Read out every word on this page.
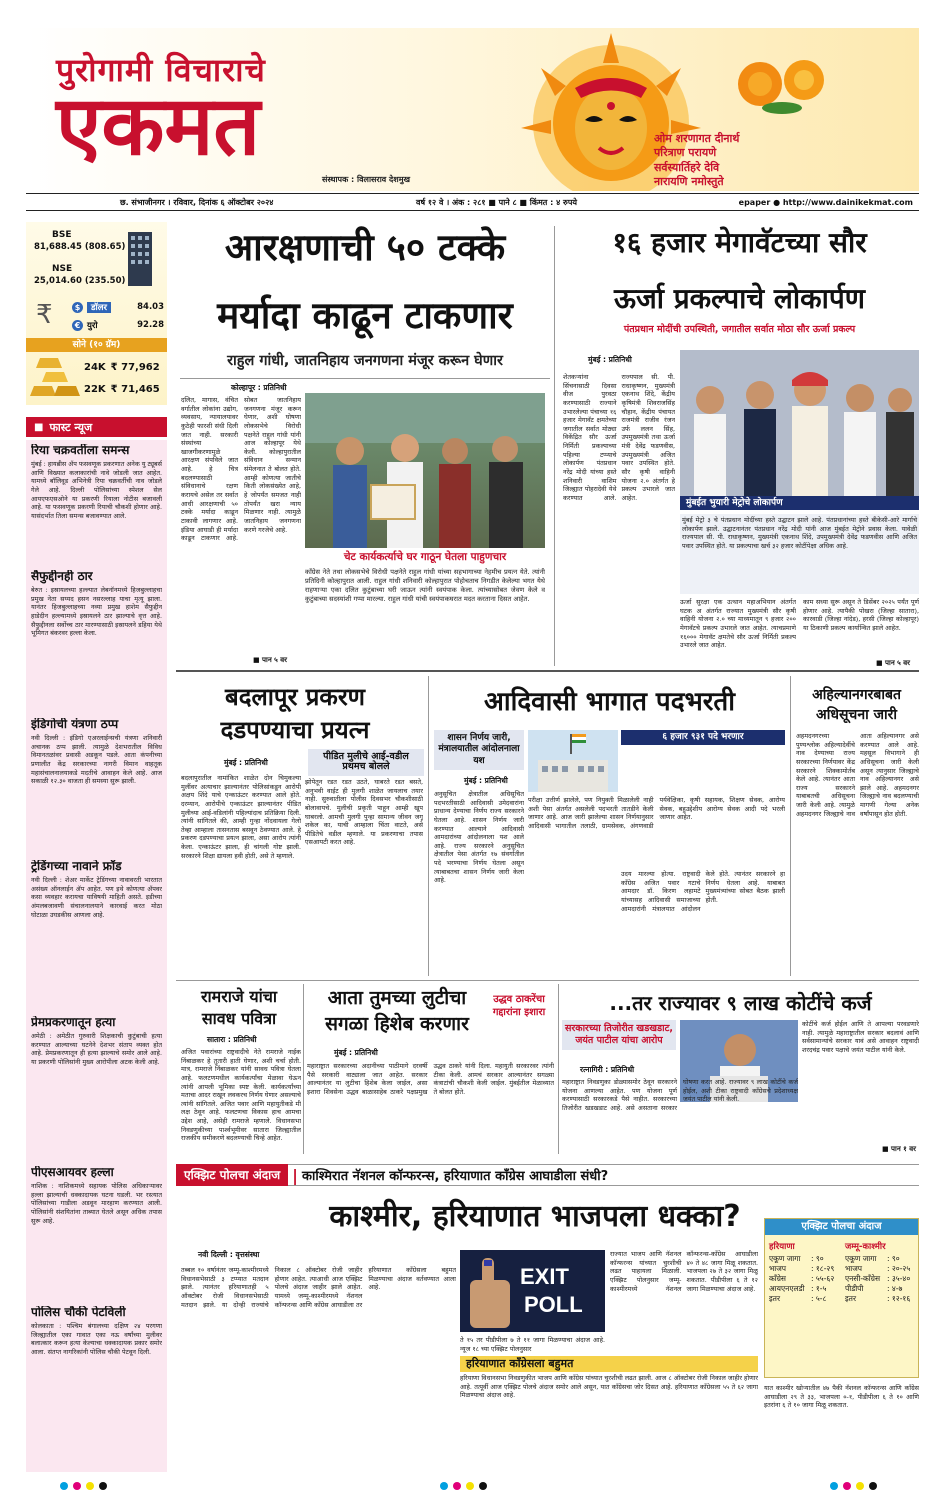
पुरोगामी विचाराचे
एकमत
संस्थापक : विलासराव देशमुख
ओम शरणागत दीनार्थ
परित्राण परायणे
सर्वस्यार्तिहरे देवि
नारायणि नमोस्तुते
छ. संभाजीनगर । रविवार, दिनांक ६ ऑक्टोबर २०२४	वर्ष १२ वे । अंक : २८१ ■ पाने ८ ■ किंमत : ४ रुपये	epaper ● http://www.dainikekmat.com
BSE
81,688.45 (808.65)
NSE
25,014.60 (235.50)
₹	$	डॉलर	84.03
€ युरो	92.28
सोने (१० ग्रॅम)
24K ₹ 77,962
22K ₹ 71,465
■ फास्ट न्यूज
रिया चक्रवर्तीला समन्स
मुंबई : हायब्रीस ॲप फसवणूक प्रकरणात अनेक यु ट्यूबर्स आणि विख्यात कलाकारांची नावे जोडली जात आहेत. यामध्ये बॉलिवूड अभिनेत्री रिया चक्रवर्तीची नाव जोडले गेले आहे. दिल्ली पोलिसांच्या स्पेशल सेल आयएफएसओने या प्रकरणी रियाला नोटीस बजावली आहे. या फसवणूक प्रकरणी रियाची चौकशी होणार आहे. यासंदर्भात तिला समन्स बजावण्यात आले.
सैफुद्दीनही ठार
बेरुत : इस्रायलच्या हल्ल्यात लेबनॉनमध्ये हिजबुल्लाहचा प्रमुख नेता सय्यद हसन नसरल्लाह याचा मृत्यू झाला. यानंतर हिजबुल्लाहच्या नव्या प्रमुख हाशेम सैफुद्दीन हाडेदीन हल्ल्यामध्ये इस्रायलने ठार झाल्याचे वृत्त आहे. सैफुद्दीनला सर्वोच्च ठार मारण्यासाठी इस्रायलने डहिया येथे भूमिगत बंकरवर हल्ला केला.
इंडिगोची यंत्रणा ठप्प
नवी दिल्ली : इंडिगो एअरलाईन्सची यंत्रणा शनिवारी अचानक ठप्प झाली. त्यामुळे देशभरातील विविध विमानतळांवर प्रवासी अडकून पडले. आता कंपनीच्या प्रणालीत केंद्र सरकारच्या नागरी विमान वाहतूक महासंचालनालयाकडे मदतीचे आवाहन केले आहे. आज सकाळी १२.३० वाजता ही समस्या सुरू झाली.
ट्रेडिंगच्या नावाने फ्रॉड
नवी दिल्ली : शेअर मार्केट ट्रेडिंगच्या नावावरती भारतात असंख्य ऑनलाईन ॲप आहेत. पण इथे कोणत्या ॲपवर कसा व्यवहार करायचा याविषयी माहिती असते. इडीच्या अंमलबजावणी संचालनालयाने कारवाई करत मोठा घोटाळा उघडकीस आणला आहे.
प्रेमप्रकरणातून हत्या
अमेठी : अमेठीत गुरुवारी शिक्षकाची कुटुंबाची हत्या करण्यात आल्याच्या घटनेने देशभर संताप व्यक्त होत आहे. प्रेमप्रकरणातून ही हत्या झाल्याचे समोर आले आहे. या प्रकरणी पोलिसांनी मुख्य आरोपीला अटक केली आहे.
पीएसआयवर हल्ला
नाशिक : नाशिकमध्ये सहायक पोलिस अधिकाऱ्यावर हल्ला झाल्याची धक्कादायक घटना घडली. भर रस्त्यात पोलिसांच्या गाडीला अडवून मारहाण करण्यात आली. पोलिसांनी संशयितांना ताब्यात घेतले असून अधिक तपास सुरू आहे.
पोलिस चौकी पेटविली
कोलकाता : पश्चिम बंगालच्या दक्षिण २४ परगणा जिल्ह्यातील एका गावात एका नऊ वर्षांच्या मुलीवर बलात्कार करून हत्या केल्याचा धक्कादायक प्रकार समोर आला. संतप्त नागरिकांनी पोलिस चौकी पेटवून दिली.
आरक्षणाची ५० टक्के
मर्यादा काढून टाकणार
राहुल गांधी, जातनिहाय जनगणना मंजूर करून घेणार
कोल्हापूर : प्रतिनिधी
दलित, मागास, वंचित वर्गातील लोकांना उद्योग, व्यवसाय, न्यायालयावर कुठेही फारशी संधी दिली जात नाही. सरकारी संस्थांच्या खाजगीकरणामुळे आरक्षण संपविले जात आहे. हे चित्र बदलण्यासाठी संविधानाचे रक्षण करायचे असेल तर सर्वात आधी आरक्षणाची ५० टक्के मर्यादा काढून टाकावी लागणार आहे. इंडिया आघाडी ही मर्यादा काढून टाकणार आहे. सोबत जातनिहाय जनगणना मंजूर करून घेणार, अशी घोषणा लोकसभेचे विरोधी पक्षनेते राहुल गांधी यांनी आज कोल्हापूर येथे केली. कोल्हापुरातील संविधान सन्मान संमेलनात ते बोलत होते. आम्ही कोणत्या जातीचे किती लोकसंख्येत आहे, हे जोपर्यंत समजत नाही तोपर्यंत खरा न्याय मिळणार नाही. त्यामुळे जातनिहाय जनगणना करणे गरजेचे आहे.
■ पान ५ वर
चेट कार्यकर्त्याचे घर गाठून घेतला पाहुणचार
काँग्रेस नेते तथा लोकसभेचे विरोधी पक्षनेते राहुल गांधी यांच्या सहभागाच्या नेहमीच प्रयत्न येते. त्यांनी प्रतिदिनी कोल्हापुरात आली. राहुल गांधी शनिवारी कोल्हापुरात पोहोचताच निगडीत केलेल्या भगत येथे राहणाऱ्या एका दलित कुटुंबाच्या घरी जाऊन त्यांनी स्वयंपाक केला. त्यांच्यासोबत जेवण केले व कुटुंबाच्या सदस्यांशी गप्पा मारल्या. राहुल गांधी यांची स्वयंपाकघरात मदत करताना दिसत आहेत.
१६ हजार मेगावॅटच्या सौर
ऊर्जा प्रकल्पाचे लोकार्पण
पंतप्रधान मोदींची उपस्थिती, जगातील सर्वात मोठा सौर ऊर्जा प्रकल्प
मुंबई : प्रतिनिधी
शेतकऱ्यांना सिंचनासाठी दिवसा वीज पुरवठा करण्यासाठी राज्याने उभारलेल्या पंचाच्या १६ हजार मेगावॅट क्षमतेच्या जगातील सर्वात मोठ्या विकेंद्रित सौर ऊर्जा निर्मिती प्रकल्पाच्या पहिल्या टप्प्याचे लोकार्पण पंतप्रधान नरेंद्र मोदी यांच्या हस्ते शनिवारी वाशिम जिल्ह्यात पोहरादेवी येथे करण्यात आले. राज्यपाल सी. पी. राधाकृष्णन, मुख्यमंत्री एकनाथ शिंदे, केंद्रीय कृषिमंत्री शिवराजसिंह चौहान, केंद्रीय पंचायत राजमंत्री राजीव रंजन उर्फ ललन सिंह, उपमुख्यमंत्री तथा ऊर्जा मंत्री देवेंद्र फडणवीस, उपमुख्यमंत्री अजित पवार उपस्थित होते. सौर कृषी वाहिनी योजना २.० अंतर्गत हे प्रकल्प उभारले जात आहेत.
मुंबईत भुयारी मेट्रोचे लोकार्पण
मुंबई मेट्रो ३ चे पंतप्रधान मोदींच्या हस्ते उद्घाटन झाले आहे. पंतप्रधानांच्या हस्ते बीकेसी-आरे मार्गाचे लोकार्पण झाले. उद्घाटनानंतर पंतप्रधान नरेंद्र मोदी यांनी आज मुंबईत मेट्रोने प्रवास केला. यावेळी राज्यपाल सी. पी. राधाकृष्णन, मुख्यमंत्री एकनाथ शिंदे, उपमुख्यमंत्री देवेंद्र फडणवीस आणि अजित पवार उपस्थित होते. या प्रकल्पाचा खर्च ३२ हजार कोटींपेक्षा अधिक आहे.
ऊर्जा सुरक्षा एक उत्थान महाअभियान अंतर्गत घटक अ अंतर्गत राज्यात मुख्यमंत्री सौर कृषी वाहिनी योजना २.० च्या माध्यमातून ९ हजार २०० मेगावॅटचे प्रकल्प उभारले जात आहेत. त्याचप्रमाणे १६००० मेगावॅट क्षमतेचे सौर ऊर्जा निर्मिती प्रकल्प उभारले जात आहेत.
काम सध्या सुरू असून ते डिसेंबर २०२५ पर्यंत पूर्ण होणार आहे. त्यापैकी पोखरा (जिल्हा सातारा), कारवाडी (जिल्हा नांदेड), हरसी (जिल्हा कोल्हापूर) या ठिकाणी प्रकल्प कार्यान्वित झाले आहेत.
■ पान ५ वर
बदलापूर प्रकरण
दडपण्याचा प्रयत्न
मुंबई : प्रतिनिधी
पीडित मुलीचे आई-वडील प्रथमच बोलले
बदलापुरातील नामांकित शाळेत दोन चिमुकल्या मुलींवर अत्याचार झाल्यानंतर पोलिसांकडून आरोपी अक्षय शिंदे याचे एन्काऊंटर करण्यात आले होते. दरम्यान, आरोपीचे एन्काऊंटर झाल्यानंतर पीडित मुलीच्या आई-वडिलांनी पहिल्यांदाच प्रतिक्रिया दिली. त्यांनी सांगितले की, आम्ही गुन्हा नोंदवायला गेलो तेव्हा आम्हाला तासनतास बसवून ठेवण्यात आले. हे प्रकरण दडपण्याचा प्रयत्न झाला, असा आरोप त्यांनी केला. एन्काऊंटर झाला, ही चांगली गोष्ट झाली. सरकारने शिक्षा द्यायला हवी होती, असे ते म्हणाले.
झोपेतून रडत रडत उठते, घाबरते रडत बसते, अनुभवी वाईट ही मुलगी शाळेत जायलाच तयार नाही. सुरुवातीला पोलीस दिवसभर चौकशीसाठी बोलावायचे. मुलीची प्रकृती पाहून आम्ही खूप घाबरलो. आमची मुलगी पुन्हा सामान्य जीवन जगू शकेल का, याची आम्हाला चिंता वाटते, असे पीडितेचे वडील म्हणाले. या प्रकरणाचा तपास एसआयटी करत आहे.
आदिवासी भागात पदभरती
शासन निर्णय जारी, मंत्रालयातील आंदोलनाला यश
मुंबई : प्रतिनिधी
६ हजार ९३१ पदे भरणार
अनुसूचित क्षेत्रातील अधिसूचित पदभरतीसाठी आदिवासी उमेदवारांना प्राधान्य देण्याचा निर्णय राज्य सरकारने घेतला आहे. शासन निर्णय जारी करण्यात आल्याने आदिवासी आमदारांच्या आंदोलनाला यश आले आहे. राज्य सरकारने अनुसूचित क्षेत्रातील पेसा अंतर्गत १७ संवर्गातील पदे भरण्याचा निर्णय घेतला असून त्याबाबतचा शासन निर्णय जारी केला आहे.
परीक्षा उत्तीर्ण झालेले, पण नियुक्ती मिळालेली नाही अशी पेसा अंतर्गत असलेली पदभरती तातडीने केली जाणार आहे. आज जारी झालेल्या शासन निर्णयानुसार आदिवासी भागातील तलाठी, ग्रामसेवक, अंगणवाडी पर्यवेक्षिका, कृषी सहायक, शिक्षण सेवक, आरोग्य सेवक, बहुउद्देशीय आरोग्य सेवक आदी पदे भरली जाणार आहेत.
उदय मारल्या होत्या. राष्ट्रवादी काँग्रेस अजित पवार गटाचे आमदार डॉ. किरण लहामटे यांच्यासह आदिवासी समाजाच्या आमदारांनी मंत्रालयात आंदोलन केले होते. त्यानंतर सरकारने हा निर्णय घेतला आहे. याबाबत मुख्यमंत्र्यांच्या सोबत बैठक झाली होती.
अहिल्यानगरबाबत
अधिसूचना जारी
अहमदनगरच्या पुण्यश्लोक अहिल्यादेवींचे नाव देण्याच्या राज्य सरकारच्या निर्णयावर केंद्र सरकारने शिक्कामोर्तब केले आहे. त्यानंतर आता राज्य सरकारने याबाबतची अधिसूचना जारी केली आहे. त्यामुळे अहमदनगर जिल्ह्याचे नाव आता अहिल्यानगर असे करण्यात आले आहे. महसूल विभागाने ही अधिसूचना जारी केली असून त्यानुसार जिल्ह्याचे नाव अहिल्यानगर असे झाले आहे. अहमदनगर जिल्ह्याचे नाव बदलण्याची मागणी गेल्या अनेक वर्षांपासून होत होती.
रामराजे यांचा
सावध पवित्रा
सातारा : प्रतिनिधी
अजित पवारांच्या राष्ट्रवादीचे नेते रामराजे नाईक निंबाळकर हे तुतारी हाती घेणार, अशी चर्चा होती. मात्र, रामराजे निंबाळकर यांनी सावध पवित्रा घेतला आहे. फलटणमधील कार्यकर्त्यांचा मेळावा घेऊन त्यांनी आपली भूमिका स्पष्ट केली. कार्यकर्त्यांच्या मताचा आदर राखून लवकरच निर्णय घेणार असल्याचे त्यांनी सांगितले. अजित पवार आणि महायुतीकडे मी लक्ष ठेवून आहे. फलटणचा विकास हाच आमचा उद्देश आहे, असेही रामराजे म्हणाले. विधानसभा निवडणुकीच्या पार्श्वभूमीवर सातारा जिल्ह्यातील राजकीय समीकरणे बदलण्याची चिन्हे आहेत.
आता तुमच्या लुटीचा
सगळा हिशेब करणार
उद्धव ठाकरेंचा गद्दारांना इशारा
मुंबई : प्रतिनिधी
महाराष्ट्रात सरकारच्या अदानीच्या पाठीमागे दरवर्षी पैसे सरकारी वाट्याला जात आहेत. सरकार आल्यानंतर या लुटीचा हिशेब केला जाईल, असा इशारा शिवसेना उद्धव बाळासाहेब ठाकरे पक्षप्रमुख उद्धव ठाकरे यांनी दिला. महायुती सरकारवर त्यांनी टीका केली. आमचं सरकार आल्यानंतर सगळ्या कंत्राटांची चौकशी केली जाईल. मुंबईतील मेळाव्यात ते बोलत होते.
...तर राज्यावर ९ लाख कोटींचे कर्ज
सरकारच्या तिजोरीत खडखडाट, जयंत पाटील यांचा आरोप
रत्नागिरी : प्रतिनिधी
महाराष्ट्रात निवडणुका डोळ्यासमोर ठेवून सरकारने योजना आणल्या आहेत. पण योजना पूर्ण करण्यासाठी सरकारकडे पैसे नाहीत. सरकारच्या तिजोरीत खडखडाट आहे. असे असताना सरकार घोषणा करत आहे. राज्यावर ९ लाख कोटींचे कर्ज होईल, अशी टीका राष्ट्रवादी काँग्रेसचे प्रदेशाध्यक्ष जयंत पाटील यांनी केली.
कोटींचे कर्ज होईल आणि ते आपल्या परवडणारे नाही. त्यामुळे महाराष्ट्रातील सरकार बदलावं आणि सर्वसामान्यांचे सरकार यावं असे आवाहन राष्ट्रवादी शरदचंद्र पवार पक्षाचे जयंत पाटील यांनी केले.
■ पान १ वर
एक्झिट पोलचा अंदाज | काश्मिरात नॅशनल कॉन्फरन्स, हरियाणात काँग्रेस आघाडीला संधी?
काश्मीर, हरियाणात भाजपला धक्का?
नवी दिल्ली : वृत्तसंस्था
तब्बल १० वर्षानंतर जम्मू-काश्मीरमध्ये विधानसभेसाठी ३ टप्प्यात मतदान झाले. त्यानंतर हरियाणातही ५ ऑक्टोबर रोजी विधानसभेसाठी मतदान झाले. या दोन्ही राज्यांचे निकाल ८ ऑक्टोबर रोजी जाहीर होणार आहेत. त्याआधी आज एक्झिट पोलचे अंदाज जाहीर झाले आहेत. यामध्ये जम्मू-काश्मीरमध्ये नॅशनल कॉन्फरन्स आणि काँग्रेस आघाडीला तर हरियाणात काँग्रेसला बहुमत मिळण्याचा अंदाज वर्तवण्यात आला आहे.	EXIT
POLL
ते १५ तर पीडीपीला ७ ते ११ जागा मिळण्याचा अंदाज आहे. न्यूज १८ च्या एक्झिट पोलनुसार
राज्यात भाजप आणि नॅशनल कॉन्फरन्स यांच्यात चुरशीची लढत पाहायला मिळाली. एक्झिट पोलनुसार जम्मू-काश्मीरमध्ये नॅशनल कॉन्फरन्स-काँग्रेस आघाडीला ४० ते ४८ जागा मिळू शकतात. भाजपला २७ ते ३२ जागा मिळू शकतात. पीडीपीला ६ ते १२ जागा मिळण्याचा अंदाज आहे.
हरियाणात काँग्रेसला बहुमत
हरियाणा विधानसभा निवडणुकीत भाजप आणि काँग्रेस यांच्यात चुरशीची लढत झाली. आज ८ ऑक्टोबर रोजी निकाल जाहीर होणार आहे. तत्पूर्वी आज एक्झिट पोलचे अंदाज समोर आले असून, यात काँग्रेसचा जोर दिसत आहे. हरियाणात काँग्रेसला ५५ ते ६२ जागा मिळण्याचा अंदाज आहे.
एक्झिट पोलचा अंदाज
हरियाणा
एकूण जागा	: ९०
भाजप	: १८-२९
काँग्रेस	: ५५-६२
आयएनएलडी : १-५
इतर	: ५-८
जम्मू-काश्मीर
एकूण जागा	: ९०
भाजप	: २०-२५
एनसी-काँग्रेस : ३५-४०
पीडीपी	: ४-७
इतर	: १२-१६
यात काश्मीर खोऱ्यातील ४७ पैकी नॅशनल कॉन्फरन्स आणि काँग्रेस आघाडीला २९ ते ३३, भाजपला ०-१, पीडीपीला ६ ते १० आणि इतरांना ६ ते १० जागा मिळू शकतात.
